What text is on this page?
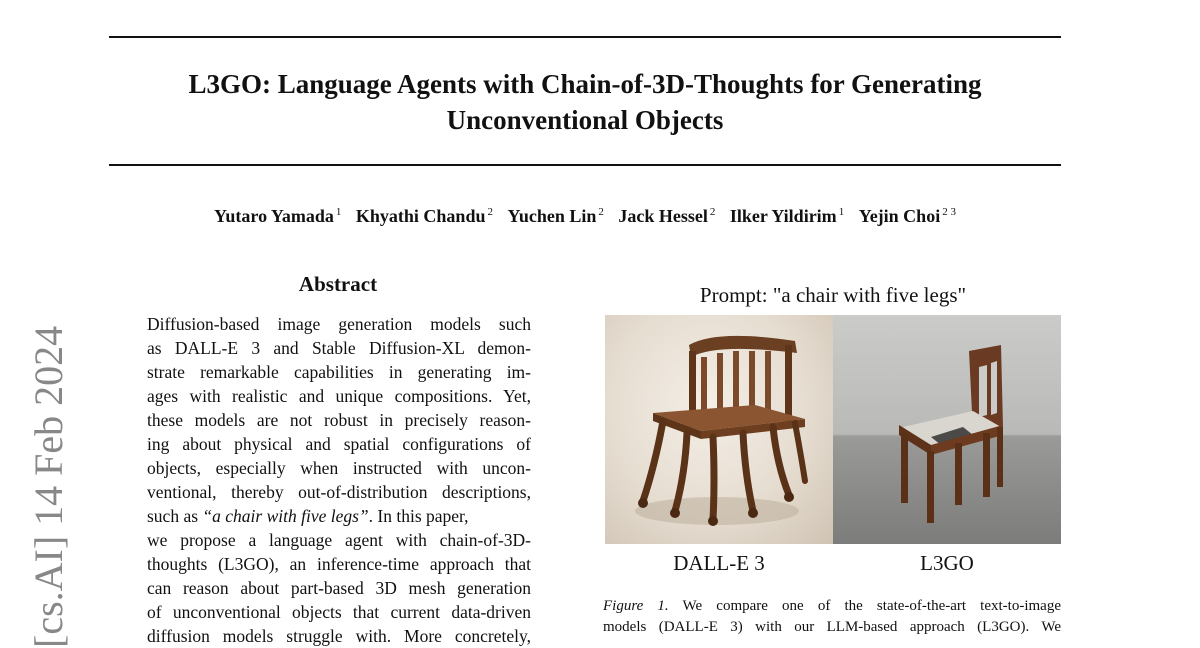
L3GO: Language Agents with Chain-of-3D-Thoughts for Generating
Unconventional Objects
Yutaro Yamada $^1$ Khyathi Chandu $^2$ Yuchen Lin $^2$ Jack Hessel $^2$ Ilker Yildirim $^1$ Yejin Choi $^{2 3}$
[cs.AI] 14 Feb 2024
Abstract
Diffusion-based image generation models such
as DALL-E 3 and Stable Diffusion-XL demon-
strate remarkable capabilities in generating im-
ages with realistic and unique compositions. Yet,
these models are not robust in precisely reason-
ing about physical and spatial configurations of
objects, especially when instructed with uncon-
ventional, thereby out-of-distribution descriptions,
such as “a chair with five legs”. In this paper,
we propose a language agent with chain-of-3D-
thoughts (L3GO), an inference-time approach that
can reason about part-based 3D mesh generation
of unconventional objects that current data-driven
diffusion models struggle with. More concretely,
Prompt: "a chair with five legs"
DALL-E 3	L3GO
Figure 1. We compare one of the state-of-the-art text-to-image
models (DALL-E 3) with our LLM-based approach (L3GO). We
